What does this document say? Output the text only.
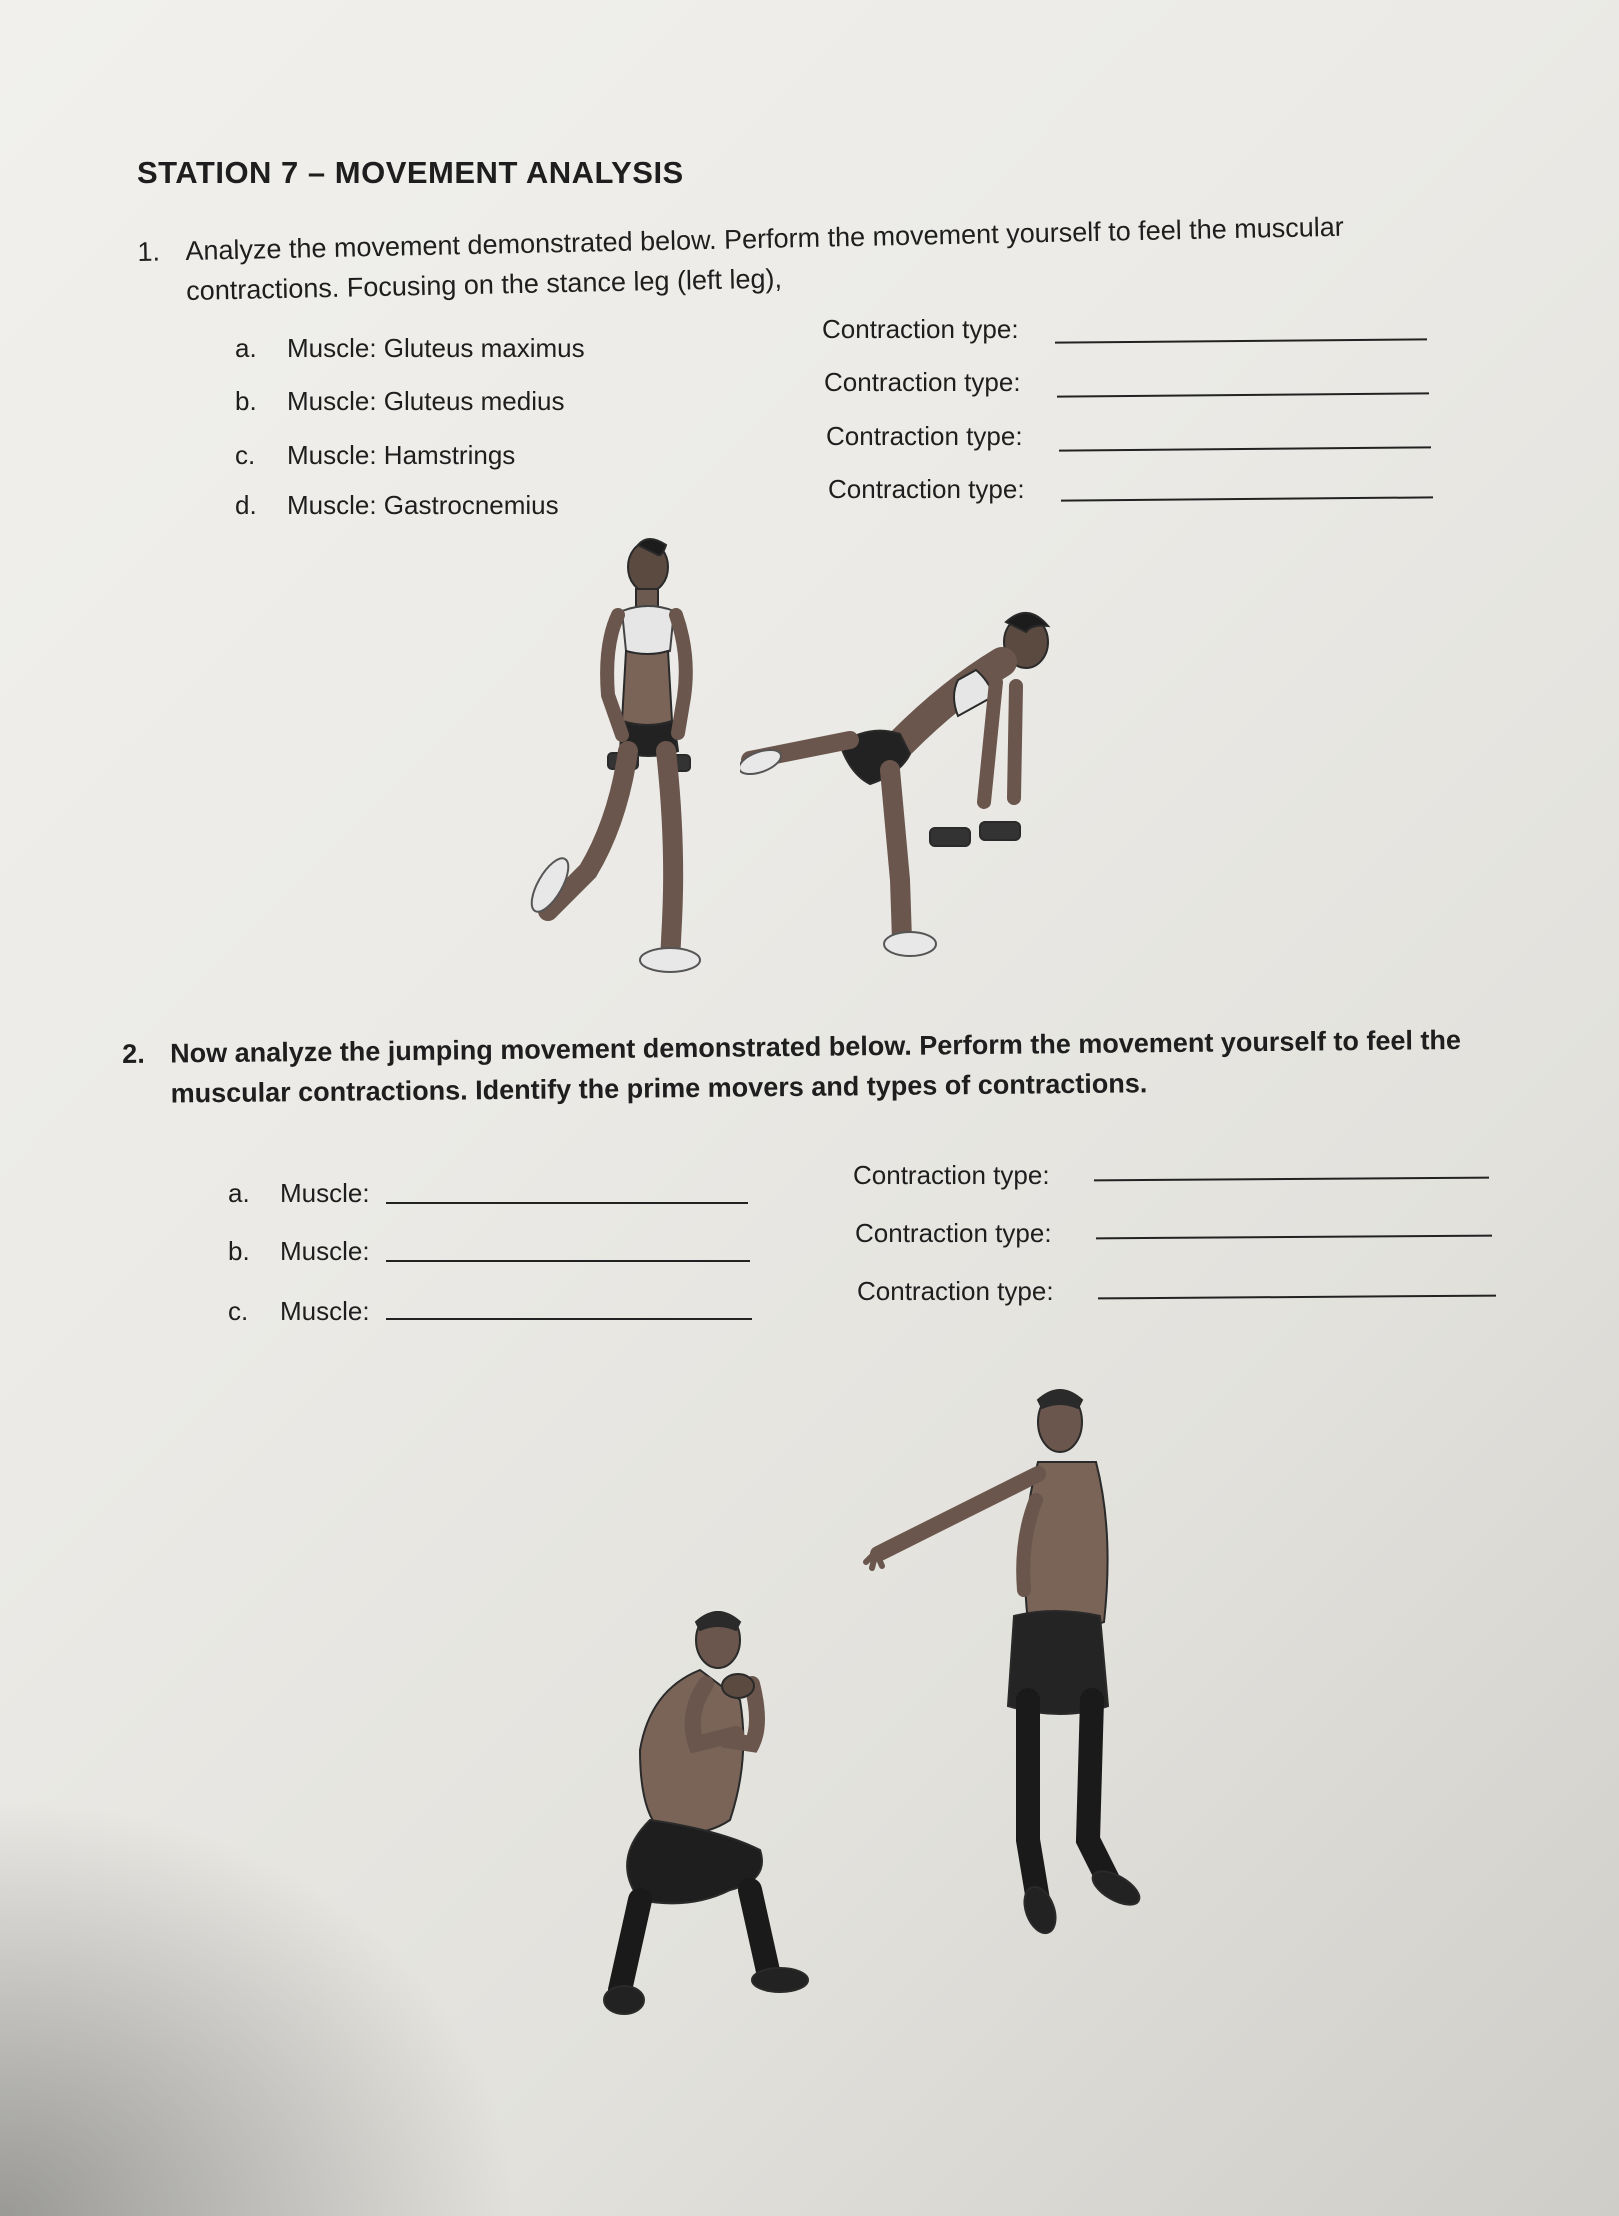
STATION 7 – MOVEMENT ANALYSIS
1. Analyze the movement demonstrated below. Perform the movement yourself to feel the muscular
contractions. Focusing on the stance leg (left leg),
a. Muscle: Gluteus maximus
Contraction type:
b. Muscle: Gluteus medius
Contraction type:
c. Muscle: Hamstrings
Contraction type:
d. Muscle: Gastrocnemius
Contraction type:
2. Now analyze the jumping movement demonstrated below. Perform the movement yourself to feel the
muscular contractions. Identify the prime movers and types of contractions.
a. Muscle:
Contraction type:
b. Muscle:
Contraction type:
c. Muscle:
Contraction type:
